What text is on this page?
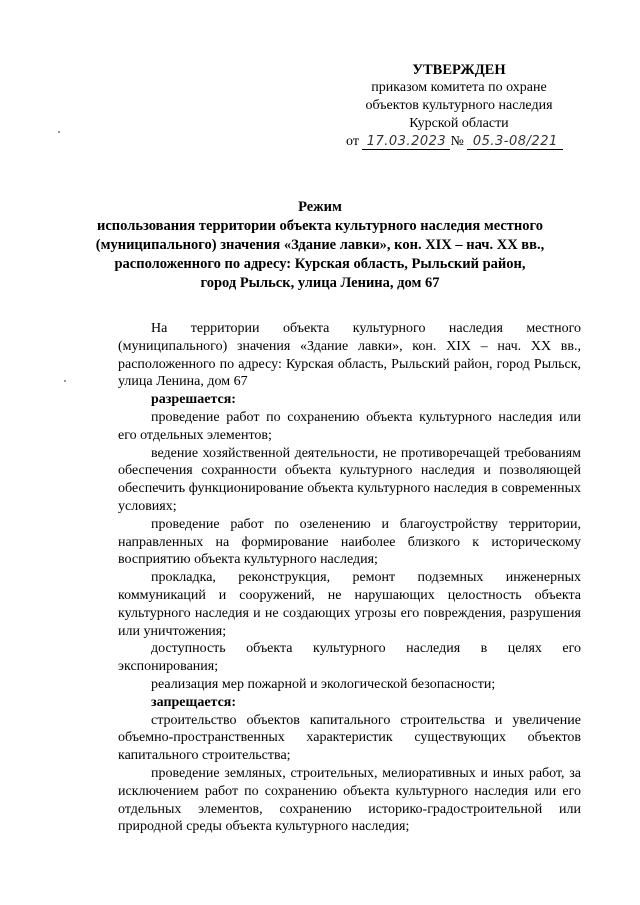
УТВЕРЖДЕН
приказом комитета по охране
объектов культурного наследия
Курской области
от 17.03.2023 № 05.3-08/221
Режим
использования территории объекта культурного наследия местного
(муниципального) значения «Здание лавки», кон. XIX – нач. XX вв.,
расположенного по адресу: Курская область, Рыльский район,
город Рыльск, улица Ленина, дом 67

На территории объекта культурного наследия местного (муниципального) значения «Здание лавки», кон. XIX – нач. XX вв., расположенного по адресу: Курская область, Рыльский район, город Рыльск, улица Ленина, дом 67

разрешается:

проведение работ по сохранению объекта культурного наследия или его отдельных элементов;

ведение хозяйственной деятельности, не противоречащей требованиям обеспечения сохранности объекта культурного наследия и позволяющей обеспечить функционирование объекта культурного наследия в современных условиях;

проведение работ по озеленению и благоустройству территории, направленных на формирование наиболее близкого к историческому восприятию объекта культурного наследия;

прокладка, реконструкция, ремонт подземных инженерных коммуникаций и сооружений, не нарушающих целостность объекта культурного наследия и не создающих угрозы его повреждения, разрушения или уничтожения;

доступность объекта культурного наследия в целях его экспонирования;

реализация мер пожарной и экологической безопасности;

запрещается:

строительство объектов капитального строительства и увеличение объемно-пространственных характеристик существующих объектов капитального строительства;

проведение земляных, строительных, мелиоративных и иных работ, за исключением работ по сохранению объекта культурного наследия или его отдельных элементов, сохранению историко-градостроительной или природной среды объекта культурного наследия;
